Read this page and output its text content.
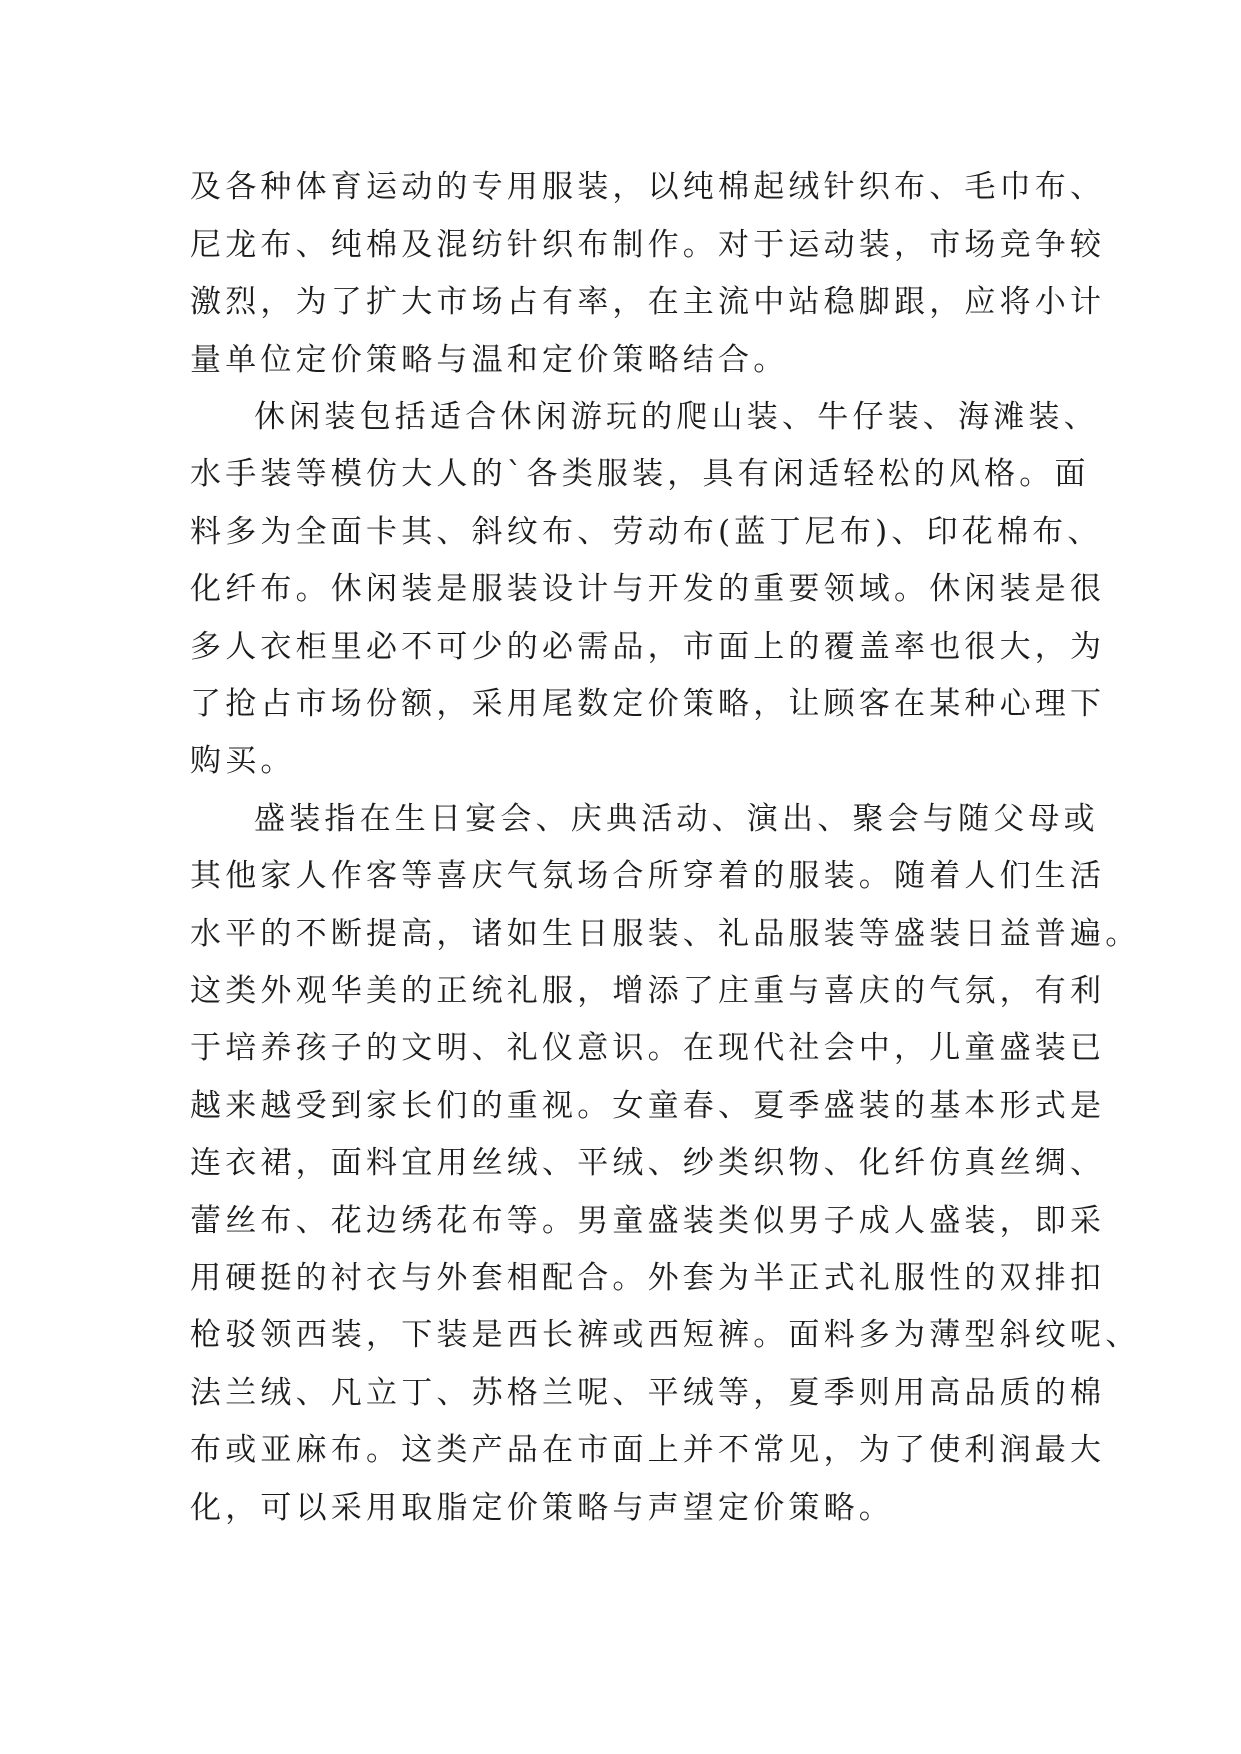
及各种体育运动的专用服装，以纯棉起绒针织布、毛巾布、
尼龙布、纯棉及混纺针织布制作。对于运动装，市场竞争较
激烈，为了扩大市场占有率，在主流中站稳脚跟，应将小计
量单位定价策略与温和定价策略结合。
休闲装包括适合休闲游玩的爬山装、牛仔装、海滩装、
水手装等模仿大人的`各类服装，具有闲适轻松的风格。面
料多为全面卡其、斜纹布、劳动布(蓝丁尼布)、印花棉布、
化纤布。休闲装是服装设计与开发的重要领域。休闲装是很
多人衣柜里必不可少的必需品，市面上的覆盖率也很大，为
了抢占市场份额，采用尾数定价策略，让顾客在某种心理下
购买。
盛装指在生日宴会、庆典活动、演出、聚会与随父母或
其他家人作客等喜庆气氛场合所穿着的服装。随着人们生活
水平的不断提高，诸如生日服装、礼品服装等盛装日益普遍。
这类外观华美的正统礼服，增添了庄重与喜庆的气氛，有利
于培养孩子的文明、礼仪意识。在现代社会中，儿童盛装已
越来越受到家长们的重视。女童春、夏季盛装的基本形式是
连衣裙，面料宜用丝绒、平绒、纱类织物、化纤仿真丝绸、
蕾丝布、花边绣花布等。男童盛装类似男子成人盛装，即采
用硬挺的衬衣与外套相配合。外套为半正式礼服性的双排扣
枪驳领西装，下装是西长裤或西短裤。面料多为薄型斜纹呢、
法兰绒、凡立丁、苏格兰呢、平绒等，夏季则用高品质的棉
布或亚麻布。这类产品在市面上并不常见，为了使利润最大
化，可以采用取脂定价策略与声望定价策略。
